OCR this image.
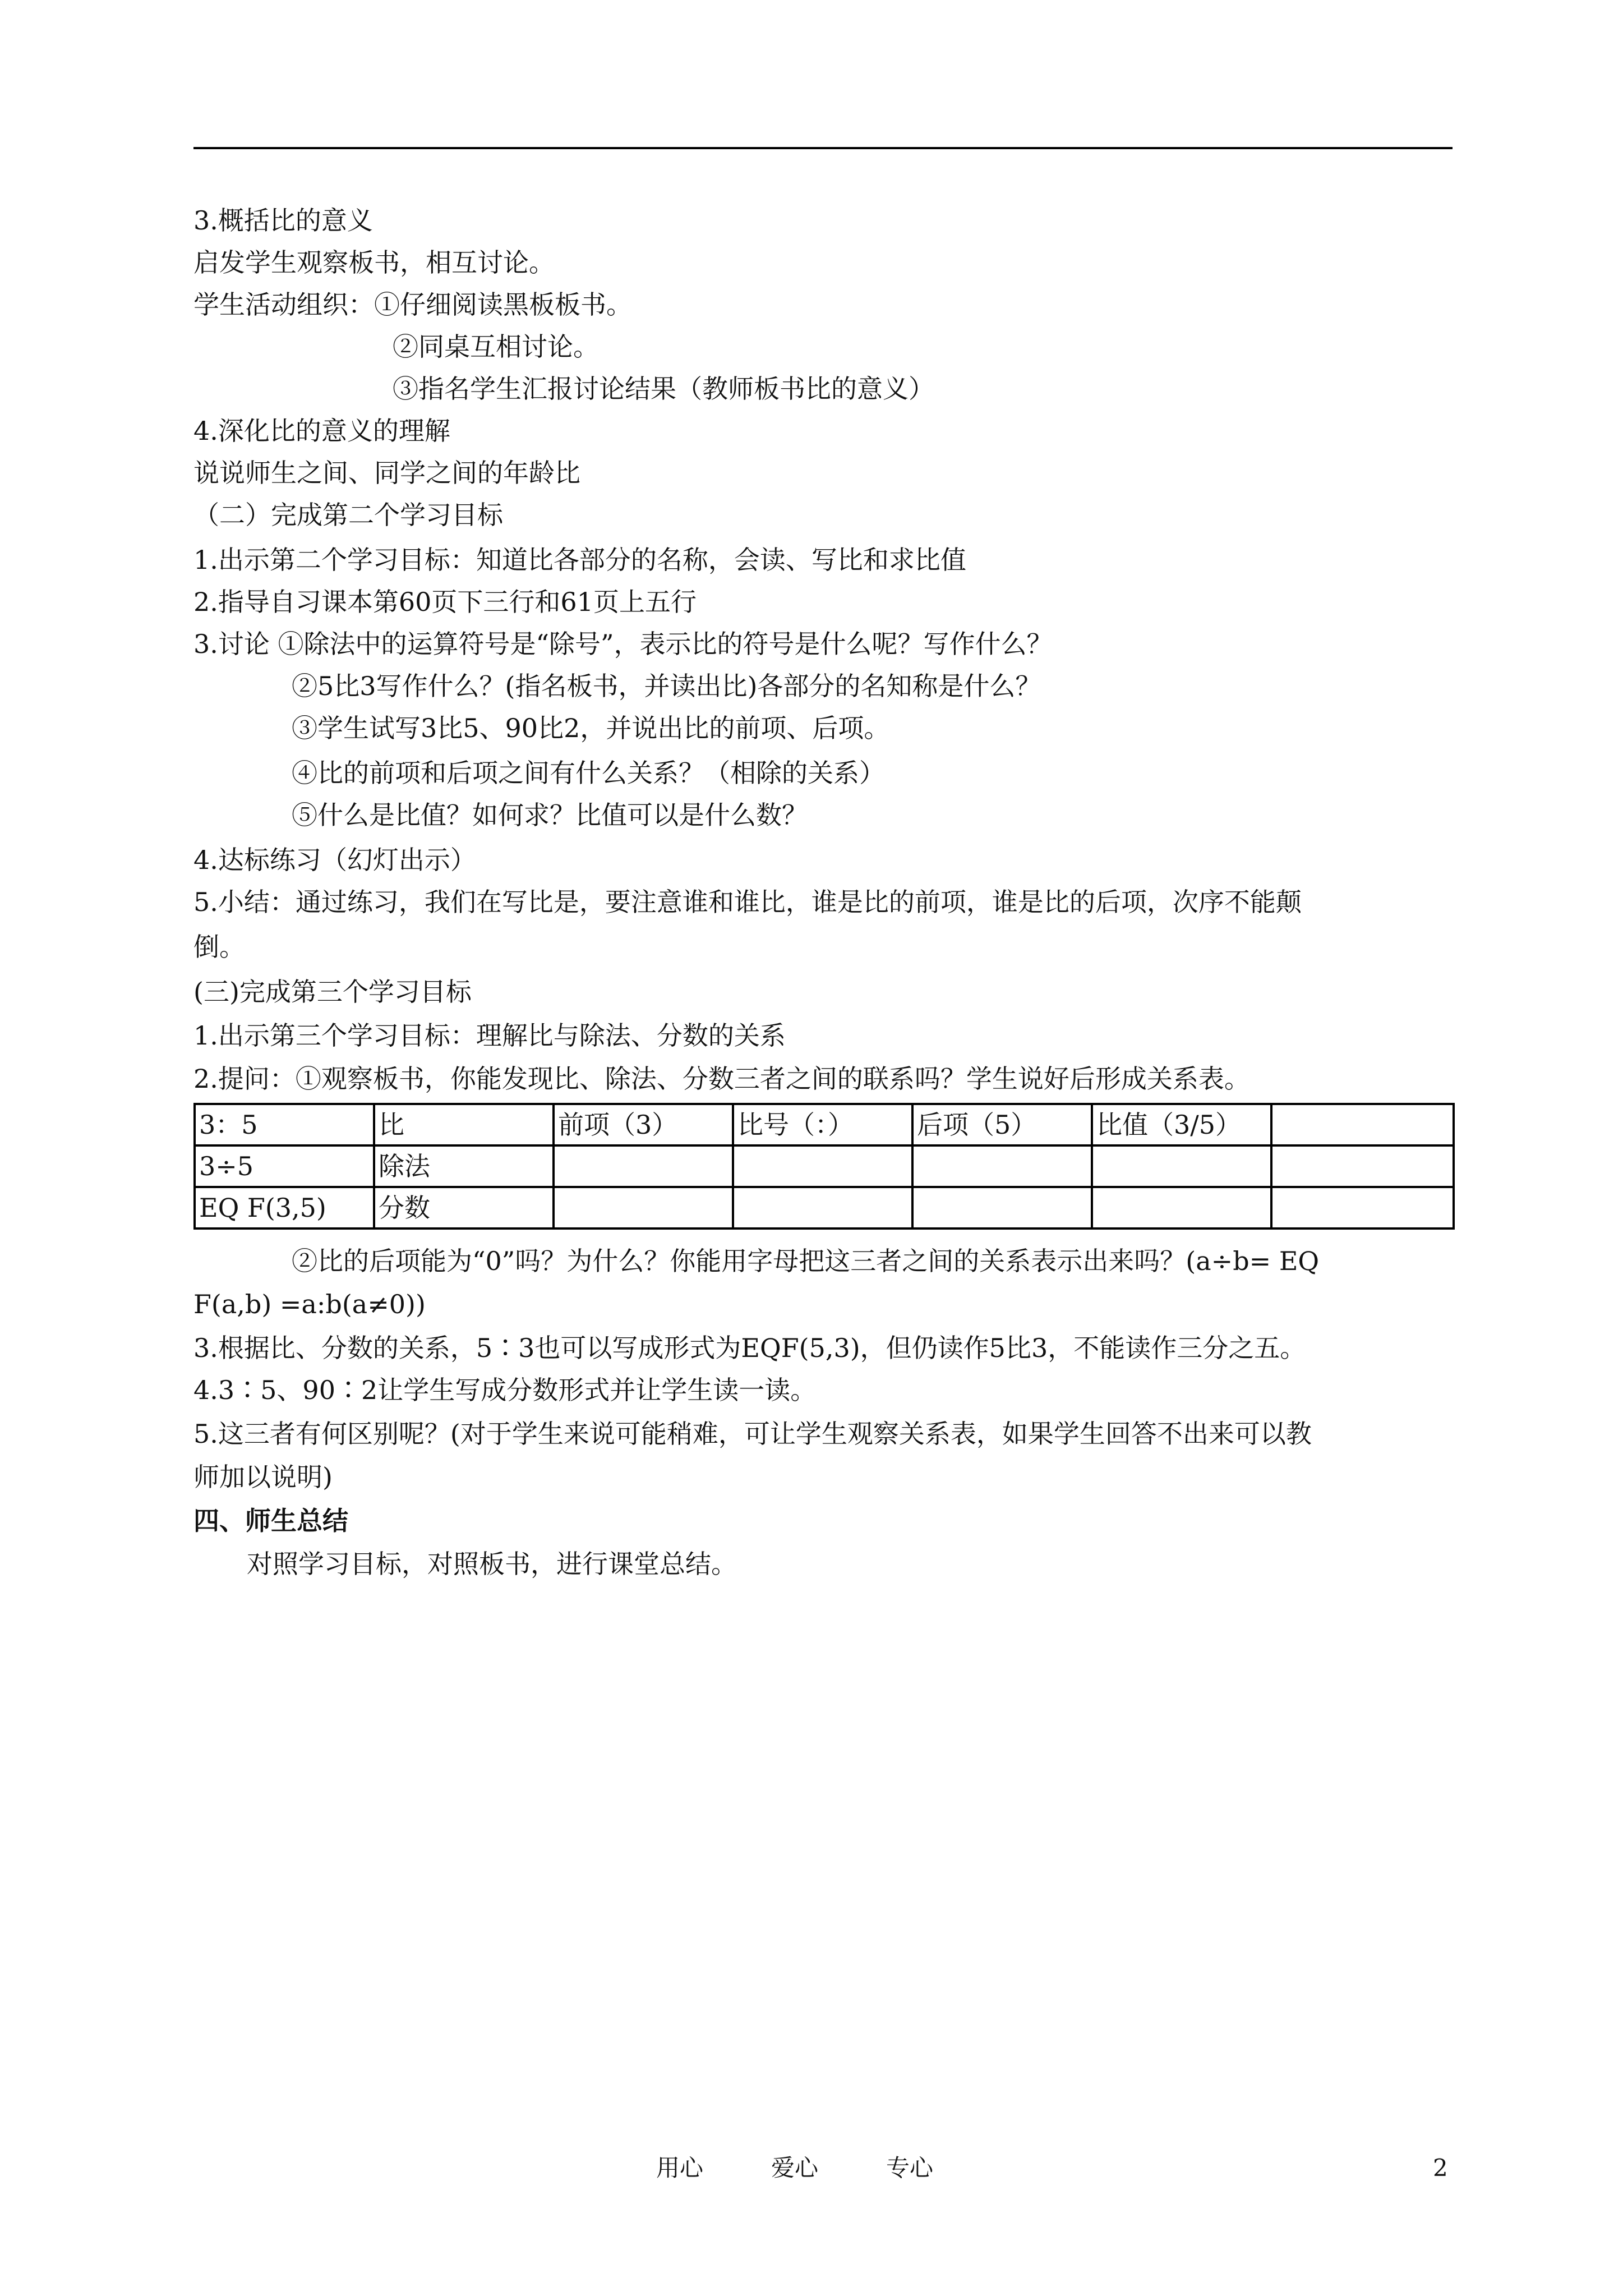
3.概括比的意义

启发学生观察板书，相互讨论。

学生活动组织：①仔细阅读黑板板书。

②同桌互相讨论。

③指名学生汇报讨论结果（教师板书比的意义）

4.深化比的意义的理解

说说师生之间、同学之间的年龄比

（二）完成第二个学习目标

1.出示第二个学习目标：知道比各部分的名称，会读、写比和求比值

2.指导自习课本第60页下三行和61页上五行

3.讨论 ①除法中的运算符号是“除号”，表示比的符号是什么呢？写作什么？

②5比3写作什么？(指名板书，并读出比)各部分的名知称是什么？

③学生试写3比5、90比2，并说出比的前项、后项。

④比的前项和后项之间有什么关系？（相除的关系）

⑤什么是比值？如何求？比值可以是什么数？

4.达标练习（幻灯出示）

5.小结：通过练习，我们在写比是，要注意谁和谁比，谁是比的前项，谁是比的后项，次序不能颠

倒。

(三)完成第三个学习目标

1.出示第三个学习目标：理解比与除法、分数的关系

2.提问：①观察板书，你能发现比、除法、分数三者之间的联系吗？学生说好后形成关系表。

3：5	比	前项（3）	比号（：）	后项（5）	比值（3/5）	
3÷5	除法					
EQ F(3,5)	分数					

②比的后项能为“0”吗？为什么？你能用字母把这三者之间的关系表示出来吗？(a÷b= EQ

F(a,b) =a:b(a≠0))

3.根据比、分数的关系，5∶3也可以写成形式为EQF(5,3)，但仍读作5比3，不能读作三分之五。

4.3∶5、90∶2让学生写成分数形式并让学生读一读。

5.这三者有何区别呢？(对于学生来说可能稍难，可让学生观察关系表，如果学生回答不出来可以教

师加以说明)

四、师生总结

对照学习目标，对照板书，进行课堂总结。

用心	爱心	专心	2
